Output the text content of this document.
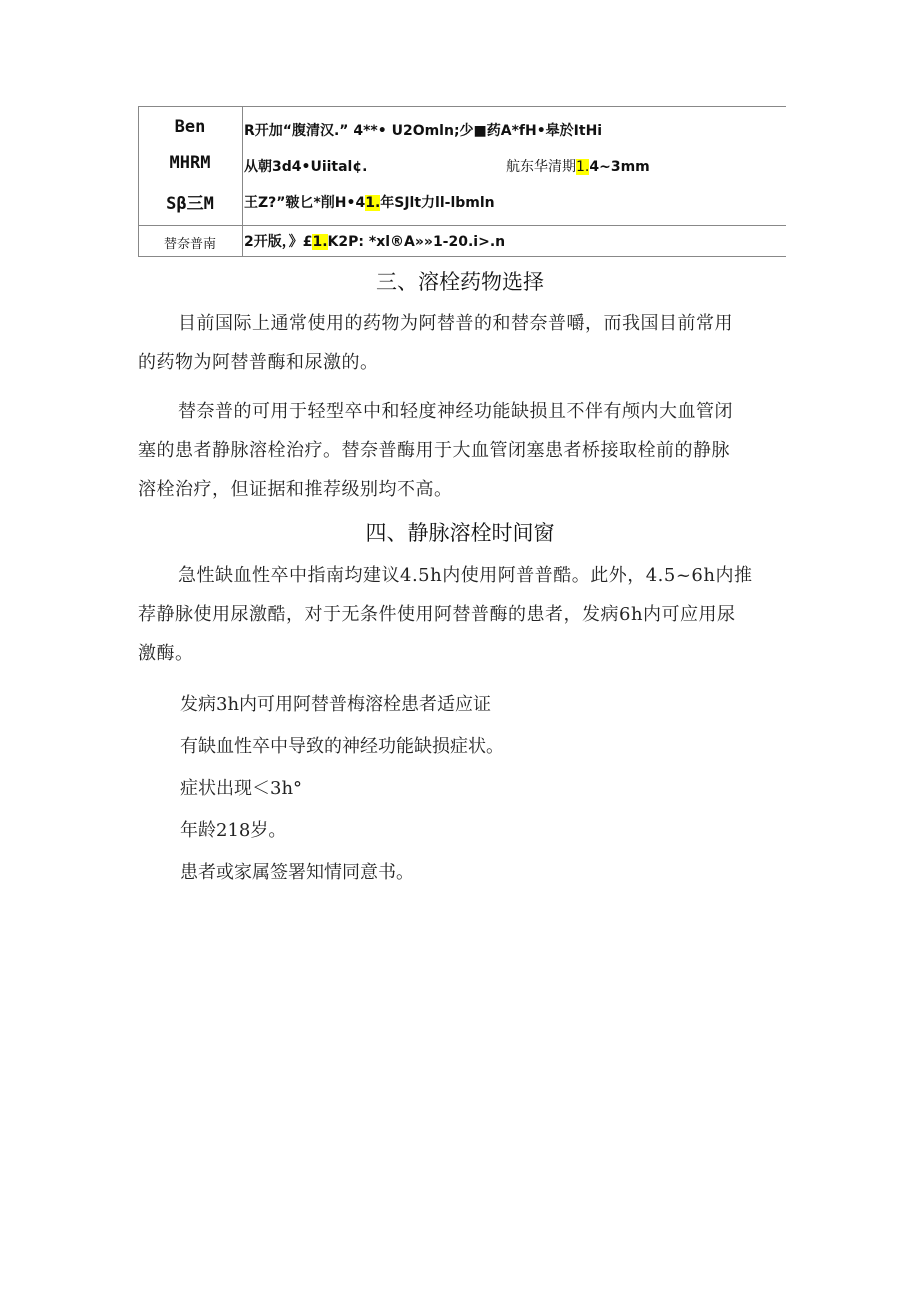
Ben	R开加“腹清汉.” 4**• U2Omln;少■药A*fH•皋於ItHi
MHRM	从朝3d4•Uiital¢.	航东华清期1.4~3mm
Sβ三M	王Z?”皲匕*削H•41.年SJlt力ll-lbmln
替奈普南	2开版，》£1.K2P: *xl®A»»1-20.i>.n
三、溶栓药物选择
目前国际上通常使用的药物为阿替普的和替奈普嚼，而我国目前常用
的药物为阿替普酶和尿激的。
替奈普的可用于轻型卒中和轻度神经功能缺损且不伴有颅内大血管闭
塞的患者静脉溶栓治疗。替奈普酶用于大血管闭塞患者桥接取栓前的静脉
溶栓治疗，但证据和推荐级别均不高。
四、静脉溶栓时间窗
急性缺血性卒中指南均建议4.5h内使用阿普普酷。此外，4.5~6h内推
荐静脉使用尿激酷，对于无条件使用阿替普酶的患者，发病6h内可应用尿
激酶。
发病3h内可用阿替普梅溶栓患者适应证
有缺血性卒中导致的神经功能缺损症状。
症状出现＜3h°
年龄218岁。
患者或家属签署知情同意书。
